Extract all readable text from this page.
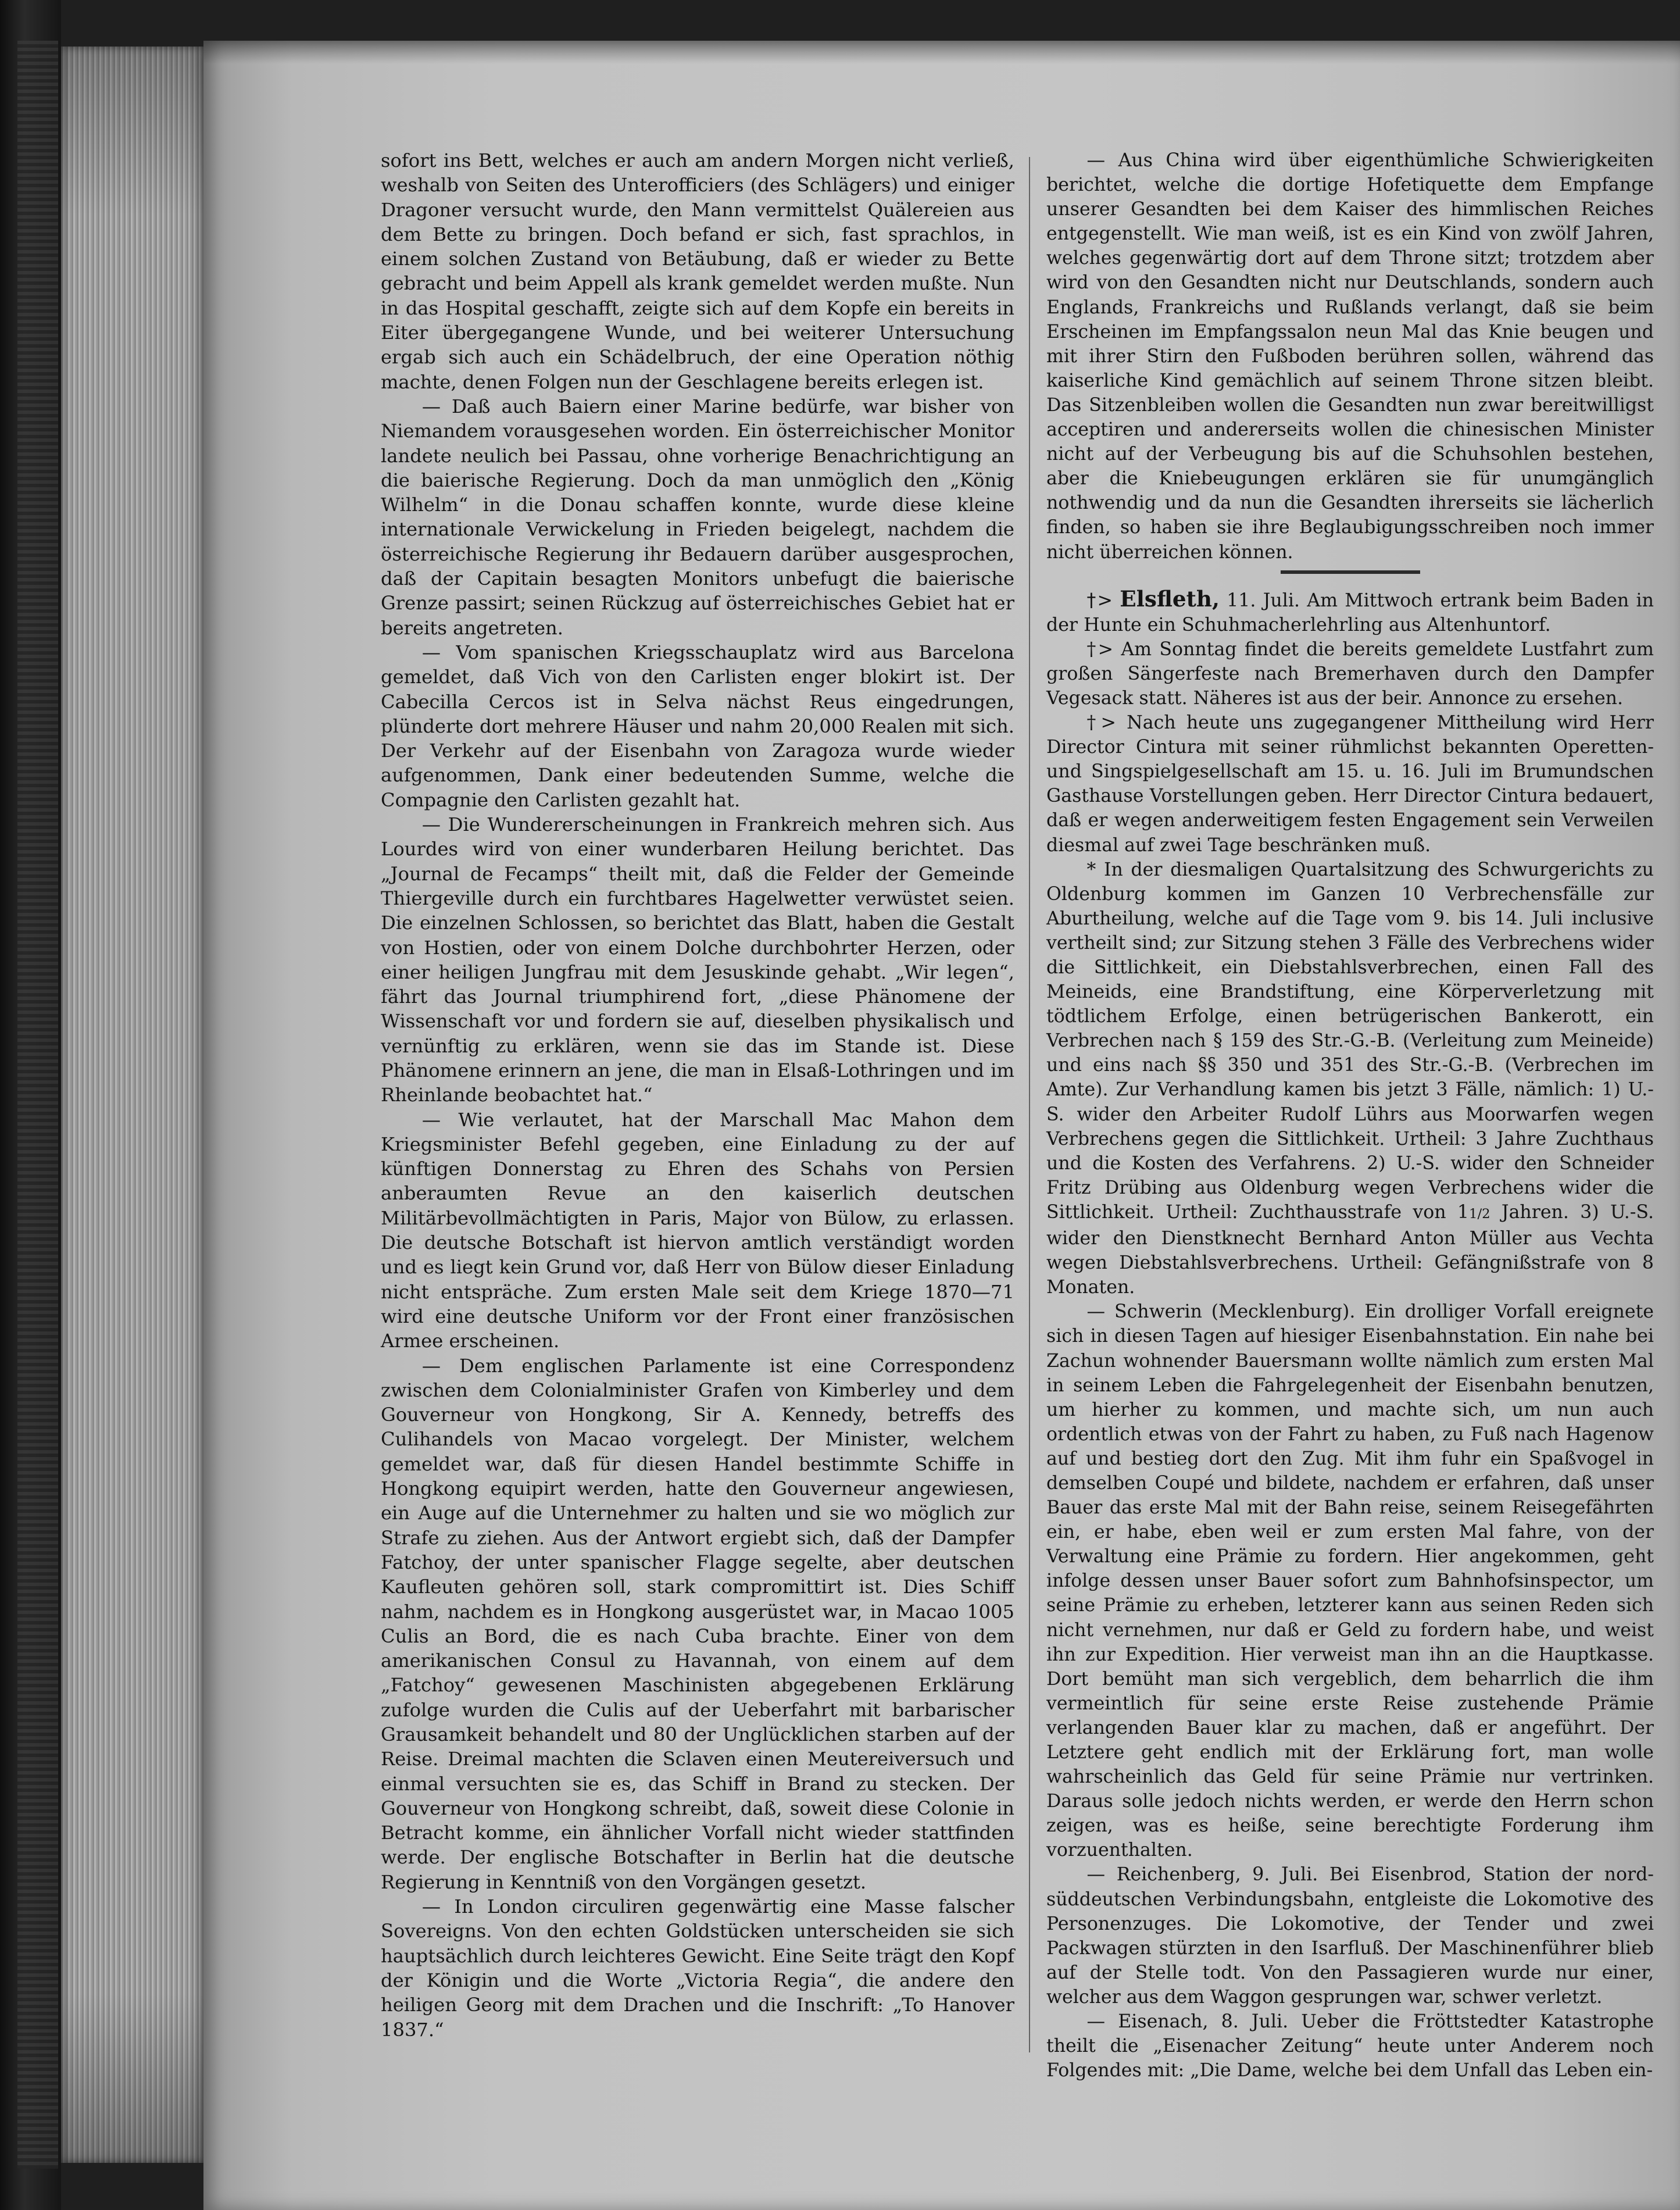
sofort ins Bett, welches er auch am andern Morgen nicht verließ, weshalb von Seiten des Unterofficiers (des Schlägers) und einiger Dragoner versucht wurde, den Mann vermittelst Quälereien aus dem Bette zu bringen. Doch befand er sich, fast sprachlos, in einem solchen Zustand von Betäubung, daß er wieder zu Bette gebracht und beim Appell als krank gemeldet werden mußte. Nun in das Hospital geschafft, zeigte sich auf dem Kopfe ein bereits in Eiter übergegangene Wunde, und bei weiterer Untersuchung ergab sich auch ein Schädelbruch, der eine Operation nöthig machte, denen Folgen nun der Geschlagene bereits erlegen ist.

— Daß auch Baiern einer Marine bedürfe, war bisher von Niemandem vorausgesehen worden. Ein österreichischer Monitor landete neulich bei Passau, ohne vorherige Benachrichtigung an die baierische Regierung. Doch da man unmöglich den „König Wilhelm“ in die Donau schaffen konnte, wurde diese kleine internationale Verwickelung in Frieden beigelegt, nachdem die österreichische Regierung ihr Bedauern darüber ausgesprochen, daß der Capitain besagten Monitors unbefugt die baierische Grenze passirt; seinen Rückzug auf österreichisches Gebiet hat er bereits angetreten.

— Vom spanischen Kriegsschauplatz wird aus Barcelona gemeldet, daß Vich von den Carlisten enger blokirt ist. Der Cabecilla Cercos ist in Selva nächst Reus eingedrungen, plünderte dort mehrere Häuser und nahm 20,000 Realen mit sich. Der Verkehr auf der Eisenbahn von Zaragoza wurde wieder aufgenommen, Dank einer bedeutenden Summe, welche die Compagnie den Carlisten gezahlt hat.

— Die Wundererscheinungen in Frankreich mehren sich. Aus Lourdes wird von einer wunderbaren Heilung berichtet. Das „Journal de Fecamps“ theilt mit, daß die Felder der Gemeinde Thiergeville durch ein furchtbares Hagelwetter verwüstet seien. Die einzelnen Schlossen, so berichtet das Blatt, haben die Gestalt von Hostien, oder von einem Dolche durchbohrter Herzen, oder einer heiligen Jungfrau mit dem Jesuskinde gehabt. „Wir legen“, fährt das Journal triumphirend fort, „diese Phänomene der Wissenschaft vor und fordern sie auf, dieselben physikalisch und vernünftig zu erklären, wenn sie das im Stande ist. Diese Phänomene erinnern an jene, die man in Elsaß-Lothringen und im Rheinlande beobachtet hat.“

— Wie verlautet, hat der Marschall Mac Mahon dem Kriegsminister Befehl gegeben, eine Einladung zu der auf künftigen Donnerstag zu Ehren des Schahs von Persien anberaumten Revue an den kaiserlich deutschen Militärbevollmächtigten in Paris, Major von Bülow, zu erlassen. Die deutsche Botschaft ist hiervon amtlich verständigt worden und es liegt kein Grund vor, daß Herr von Bülow dieser Einladung nicht entspräche. Zum ersten Male seit dem Kriege 1870—71 wird eine deutsche Uniform vor der Front einer französischen Armee erscheinen.

— Dem englischen Parlamente ist eine Correspondenz zwischen dem Colonialminister Grafen von Kimberley und dem Gouverneur von Hongkong, Sir A. Kennedy, betreffs des Culihandels von Macao vorgelegt. Der Minister, welchem gemeldet war, daß für diesen Handel bestimmte Schiffe in Hongkong equipirt werden, hatte den Gouverneur angewiesen, ein Auge auf die Unternehmer zu halten und sie wo möglich zur Strafe zu ziehen. Aus der Antwort ergiebt sich, daß der Dampfer Fatchoy, der unter spanischer Flagge segelte, aber deutschen Kaufleuten gehören soll, stark compromittirt ist. Dies Schiff nahm, nachdem es in Hongkong ausgerüstet war, in Macao 1005 Culis an Bord, die es nach Cuba brachte. Einer von dem amerikanischen Consul zu Havannah, von einem auf dem „Fatchoy“ gewesenen Maschinisten abgegebenen Erklärung zufolge wurden die Culis auf der Ueberfahrt mit barbarischer Grausamkeit behandelt und 80 der Unglücklichen starben auf der Reise. Dreimal machten die Sclaven einen Meutereiversuch und einmal versuchten sie es, das Schiff in Brand zu stecken. Der Gouverneur von Hongkong schreibt, daß, soweit diese Colonie in Betracht komme, ein ähnlicher Vorfall nicht wieder stattfinden werde. Der englische Botschafter in Berlin hat die deutsche Regierung in Kenntniß von den Vorgängen gesetzt.

— In London circuliren gegenwärtig eine Masse falscher Sovereigns. Von den echten Goldstücken unterscheiden sie sich hauptsächlich durch leichteres Gewicht. Eine Seite trägt den Kopf der Königin und die Worte „Victoria Regia“, die andere den heiligen Georg mit dem Drachen und die Inschrift: „To Hanover 1837.“

— Aus China wird über eigenthümliche Schwierigkeiten berichtet, welche die dortige Hofetiquette dem Empfange unserer Gesandten bei dem Kaiser des himmlischen Reiches entgegenstellt. Wie man weiß, ist es ein Kind von zwölf Jahren, welches gegenwärtig dort auf dem Throne sitzt; trotzdem aber wird von den Gesandten nicht nur Deutschlands, sondern auch Englands, Frankreichs und Rußlands verlangt, daß sie beim Erscheinen im Empfangssalon neun Mal das Knie beugen und mit ihrer Stirn den Fußboden berühren sollen, während das kaiserliche Kind gemächlich auf seinem Throne sitzen bleibt. Das Sitzenbleiben wollen die Gesandten nun zwar bereitwilligst acceptiren und andererseits wollen die chinesischen Minister nicht auf der Verbeugung bis auf die Schuhsohlen bestehen, aber die Kniebeugungen erklären sie für unumgänglich nothwendig und da nun die Gesandten ihrerseits sie lächerlich finden, so haben sie ihre Beglaubigungsschreiben noch immer nicht überreichen können.

†> Elsfleth, 11. Juli. Am Mittwoch ertrank beim Baden in der Hunte ein Schuhmacherlehrling aus Altenhuntorf.

†> Am Sonntag findet die bereits gemeldete Lustfahrt zum großen Sängerfeste nach Bremerhaven durch den Dampfer Vegesack statt. Näheres ist aus der beir. Annonce zu ersehen.

†> Nach heute uns zugegangener Mittheilung wird Herr Director Cintura mit seiner rühmlichst bekannten Operetten- und Singspielgesellschaft am 15. u. 16. Juli im Brumundschen Gasthause Vorstellungen geben. Herr Director Cintura bedauert, daß er wegen anderweitigem festen Engagement sein Verweilen diesmal auf zwei Tage beschränken muß.

* In der diesmaligen Quartalsitzung des Schwurgerichts zu Oldenburg kommen im Ganzen 10 Verbrechensfälle zur Aburtheilung, welche auf die Tage vom 9. bis 14. Juli inclusive vertheilt sind; zur Sitzung stehen 3 Fälle des Verbrechens wider die Sittlichkeit, ein Diebstahlsverbrechen, einen Fall des Meineids, eine Brandstiftung, eine Körperverletzung mit tödtlichem Erfolge, einen betrügerischen Bankerott, ein Verbrechen nach § 159 des Str.-G.-B. (Verleitung zum Meineide) und eins nach §§ 350 und 351 des Str.-G.-B. (Verbrechen im Amte). Zur Verhandlung kamen bis jetzt 3 Fälle, nämlich: 1) U.-S. wider den Arbeiter Rudolf Lührs aus Moorwarfen wegen Verbrechens gegen die Sittlichkeit. Urtheil: 3 Jahre Zuchthaus und die Kosten des Verfahrens. 2) U.-S. wider den Schneider Fritz Drübing aus Oldenburg wegen Verbrechens wider die Sittlichkeit. Urtheil: Zuchthausstrafe von 11/2 Jahren. 3) U.-S. wider den Dienstknecht Bernhard Anton Müller aus Vechta wegen Diebstahlsverbrechens. Urtheil: Gefängnißstrafe von 8 Monaten.

— Schwerin (Mecklenburg). Ein drolliger Vorfall ereignete sich in diesen Tagen auf hiesiger Eisenbahnstation. Ein nahe bei Zachun wohnender Bauersmann wollte nämlich zum ersten Mal in seinem Leben die Fahrgelegenheit der Eisenbahn benutzen, um hierher zu kommen, und machte sich, um nun auch ordentlich etwas von der Fahrt zu haben, zu Fuß nach Hagenow auf und bestieg dort den Zug. Mit ihm fuhr ein Spaßvogel in demselben Coupé und bildete, nachdem er erfahren, daß unser Bauer das erste Mal mit der Bahn reise, seinem Reisegefährten ein, er habe, eben weil er zum ersten Mal fahre, von der Verwaltung eine Prämie zu fordern. Hier angekommen, geht infolge dessen unser Bauer sofort zum Bahnhofsinspector, um seine Prämie zu erheben, letzterer kann aus seinen Reden sich nicht vernehmen, nur daß er Geld zu fordern habe, und weist ihn zur Expedition. Hier verweist man ihn an die Hauptkasse. Dort bemüht man sich vergeblich, dem beharrlich die ihm vermeintlich für seine erste Reise zustehende Prämie verlangenden Bauer klar zu machen, daß er angeführt. Der Letztere geht endlich mit der Erklärung fort, man wolle wahrscheinlich das Geld für seine Prämie nur vertrinken. Daraus solle jedoch nichts werden, er werde den Herrn schon zeigen, was es heiße, seine berechtigte Forderung ihm vorzuenthalten.

— Reichenberg, 9. Juli. Bei Eisenbrod, Station der nord-süddeutschen Verbindungsbahn, entgleiste die Lokomotive des Personenzuges. Die Lokomotive, der Tender und zwei Packwagen stürzten in den Isarfluß. Der Maschinenführer blieb auf der Stelle todt. Von den Passagieren wurde nur einer, welcher aus dem Waggon gesprungen war, schwer verletzt.

— Eisenach, 8. Juli. Ueber die Fröttstedter Katastrophe theilt die „Eisenacher Zeitung“ heute unter Anderem noch Folgendes mit: „Die Dame, welche bei dem Unfall das Leben ein-
